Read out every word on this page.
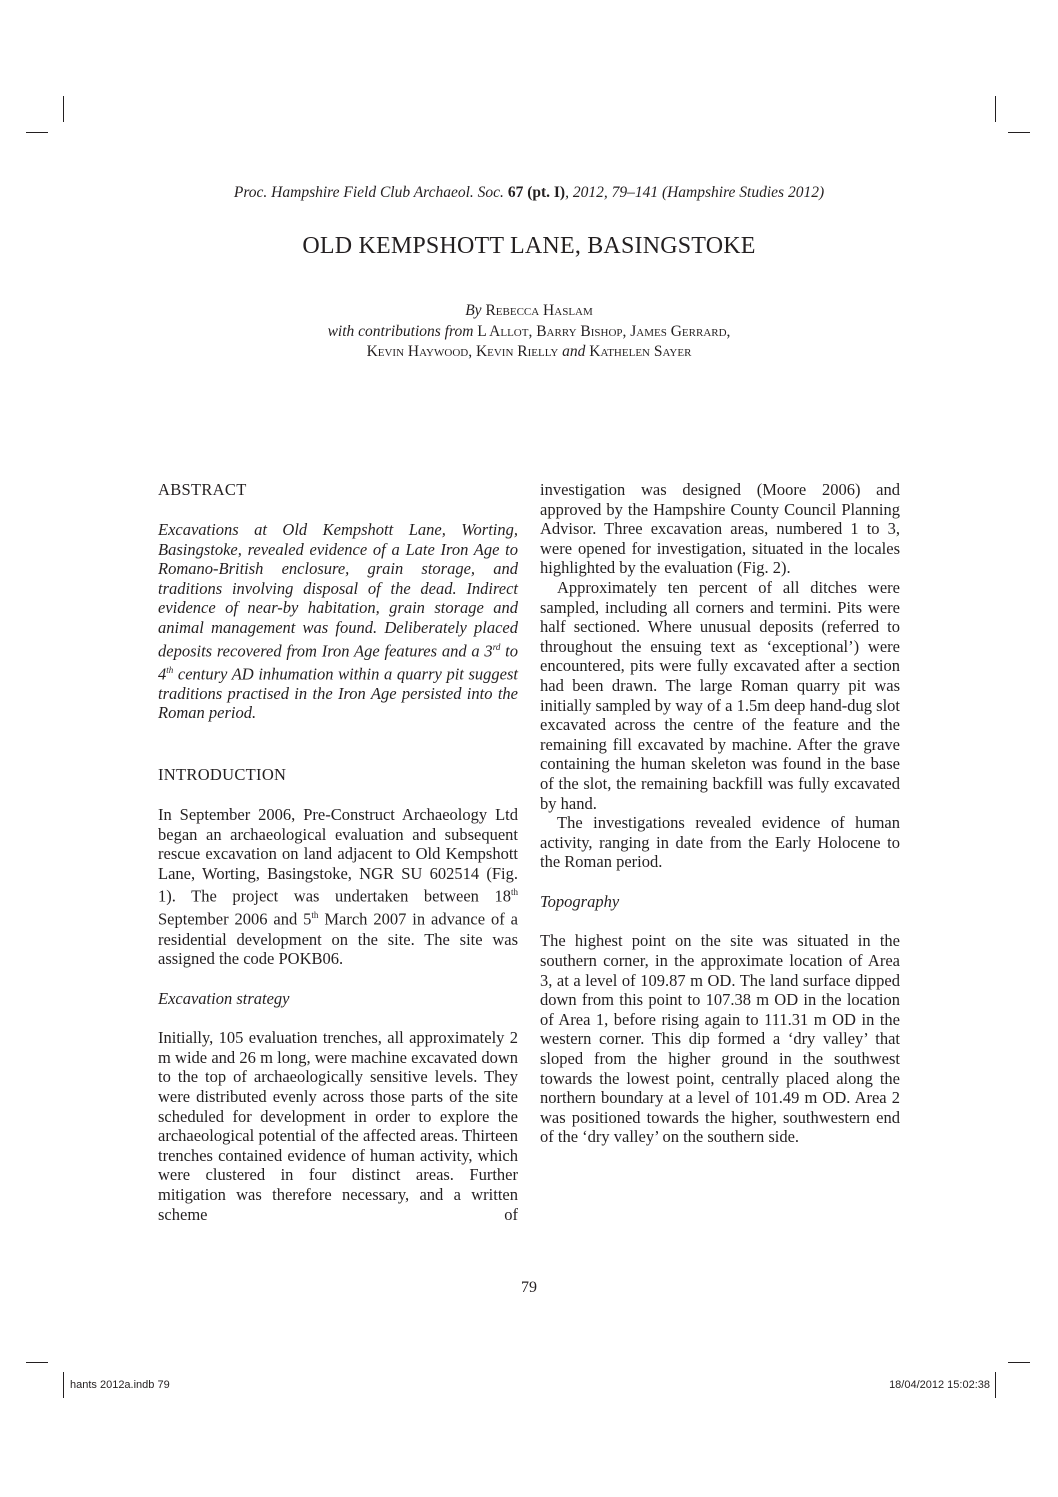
Proc. Hampshire Field Club Archaeol. Soc. 67 (pt. I), 2012, 79–141 (Hampshire Studies 2012)
OLD KEMPSHOTT LANE, BASINGSTOKE
By Rebecca Haslam
with contributions from L Allot, Barry Bishop, James Gerrard,
Kevin Haywood, Kevin Rielly and Kathelen Sayer
ABSTRACT

Excavations at Old Kempshott Lane, Worting, Basingstoke, revealed evidence of a Late Iron Age to Romano-British enclosure, grain storage, and traditions involving disposal of the dead. Indirect evidence of near-by habitation, grain storage and animal management was found. Deliberately placed deposits recovered from Iron Age features and a 3rd to 4th century AD inhumation within a quarry pit suggest traditions practised in the Iron Age persisted into the Roman period.

INTRODUCTION

In September 2006, Pre-Construct Archaeology Ltd began an archaeological evaluation and subsequent rescue excavation on land adjacent to Old Kempshott Lane, Worting, Basingstoke, NGR SU 602514 (Fig. 1). The project was undertaken between 18th September 2006 and 5th March 2007 in advance of a residential development on the site. The site was assigned the code POKB06.

Excavation strategy

Initially, 105 evaluation trenches, all approximately 2 m wide and 26 m long, were machine excavated down to the top of archaeologically sensitive levels. They were distributed evenly across those parts of the site scheduled for development in order to explore the archaeological potential of the affected areas. Thirteen trenches contained evidence of human activity, which were clustered in four distinct areas. Further mitigation was therefore necessary, and a written scheme of

investigation was designed (Moore 2006) and approved by the Hampshire County Council Planning Advisor. Three excavation areas, numbered 1 to 3, were opened for investigation, situated in the locales highlighted by the evaluation (Fig. 2).

Approximately ten percent of all ditches were sampled, including all corners and termini. Pits were half sectioned. Where unusual deposits (referred to throughout the ensuing text as ‘exceptional’) were encountered, pits were fully excavated after a section had been drawn. The large Roman quarry pit was initially sampled by way of a 1.5m deep hand-dug slot excavated across the centre of the feature and the remaining fill excavated by machine. After the grave containing the human skeleton was found in the base of the slot, the remaining backfill was fully excavated by hand.

The investigations revealed evidence of human activity, ranging in date from the Early Holocene to the Roman period.

Topography

The highest point on the site was situated in the southern corner, in the approximate location of Area 3, at a level of 109.87 m OD. The land surface dipped down from this point to 107.38 m OD in the location of Area 1, before rising again to 111.31 m OD in the western corner. This dip formed a ‘dry valley’ that sloped from the higher ground in the southwest towards the lowest point, centrally placed along the northern boundary at a level of 101.49 m OD. Area 2 was positioned towards the higher, southwestern end of the ‘dry valley’ on the southern side.

79
hants 2012a.indb 79	18/04/2012 15:02:38
